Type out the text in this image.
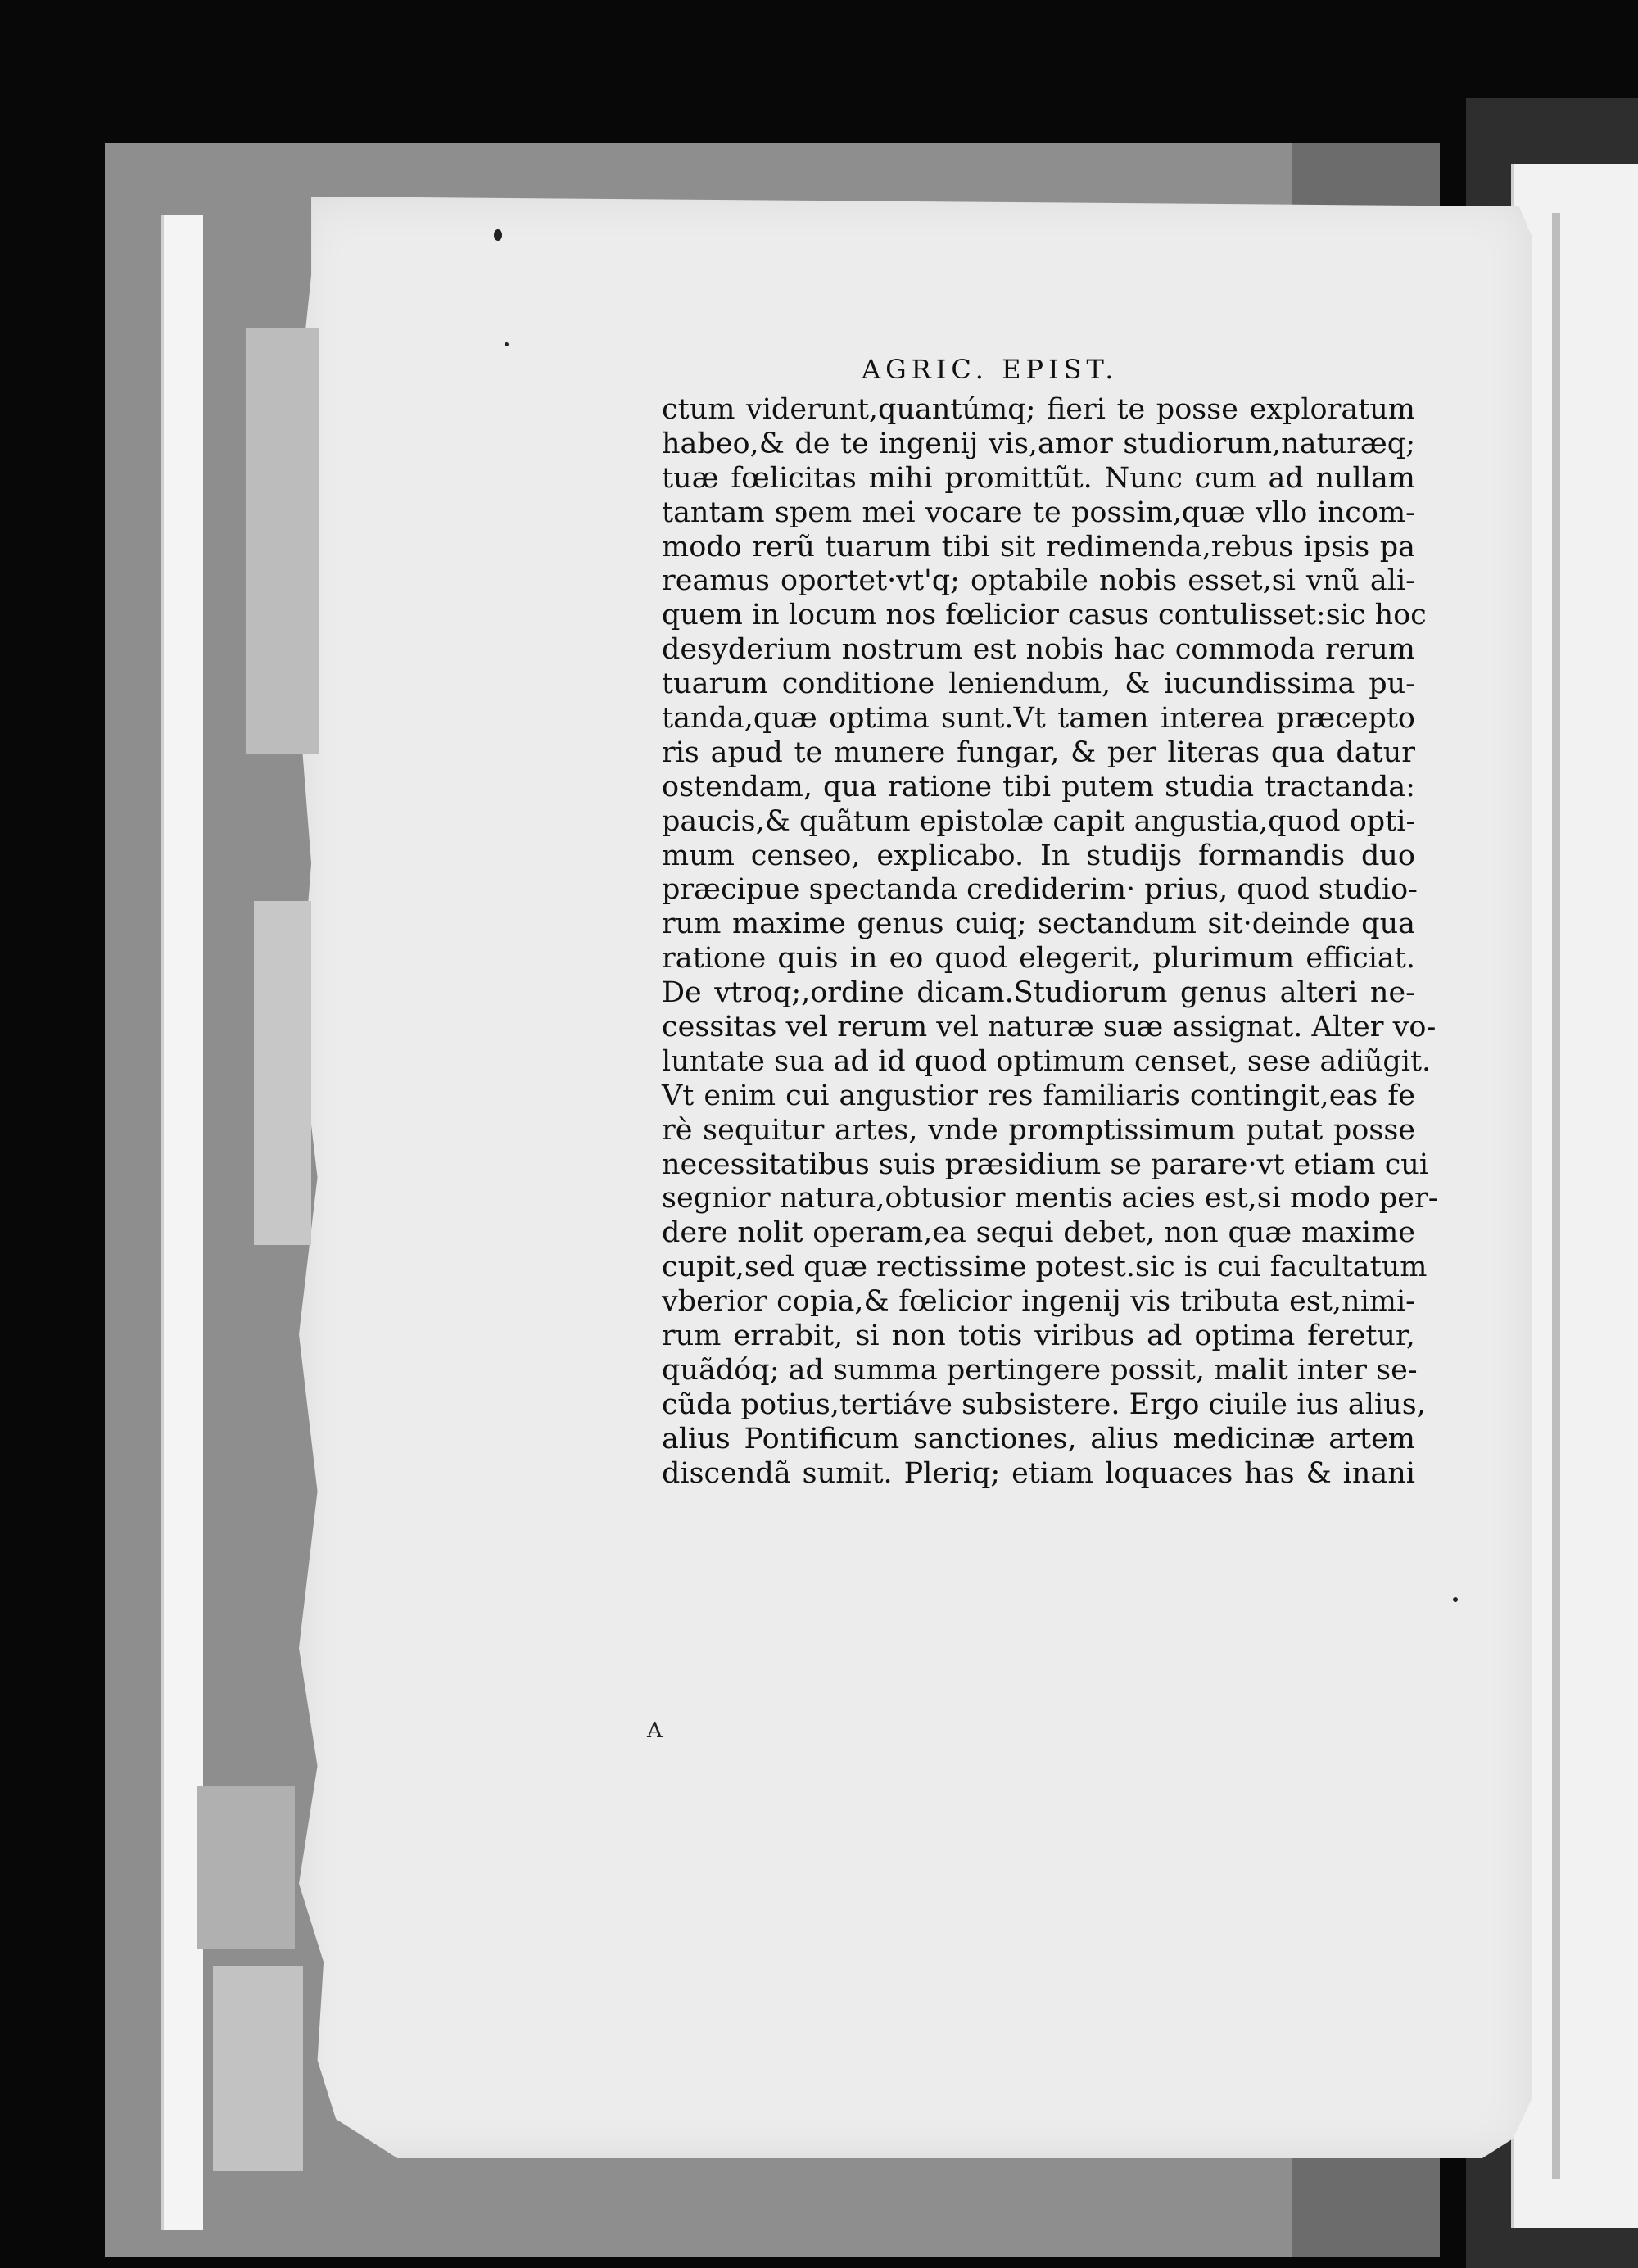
AGRIC. EPIST.
ctum viderunt,quantúmq; fieri te posse exploratum
habeo,& de te ingenij vis,amor studiorum,naturæq;
tuæ fœlicitas mihi promittũt. Nunc cum ad nullam
tantam spem mei vocare te possim,quæ vllo incom-
modo rerũ tuarum tibi sit redimenda,rebus ipsis pa
reamus oportet·vt'q; optabile nobis esset,si vnũ ali-
quem in locum nos fœlicior casus contulisset:sic hoc
desyderium nostrum est nobis hac commoda rerum
tuarum conditione leniendum, & iucundissima pu-
tanda,quæ optima sunt.Vt tamen interea præcepto
ris apud te munere fungar, & per literas qua datur
ostendam, qua ratione tibi putem studia tractanda:
paucis,& quãtum epistolæ capit angustia,quod opti-
mum censeo, explicabo. In studijs formandis duo
præcipue spectanda crediderim· prius, quod studio-
rum maxime genus cuiq; sectandum sit·deinde qua
ratione quis in eo quod elegerit, plurimum efficiat.
De vtroq;,ordine dicam.Studiorum genus alteri ne-
cessitas vel rerum vel naturæ suæ assignat. Alter vo-
luntate sua ad id quod optimum censet, sese adiũgit.
Vt enim cui angustior res familiaris contingit,eas fe
rè sequitur artes, vnde promptissimum putat posse
necessitatibus suis præsidium se parare·vt etiam cui
segnior natura,obtusior mentis acies est,si modo per-
dere nolit operam,ea sequi debet, non quæ maxime
cupit,sed quæ rectissime potest.sic is cui facultatum
vberior copia,& fœlicior ingenij vis tributa est,nimi-
rum errabit, si non totis viribus ad optima feretur,
quãdóq; ad summa pertingere possit, malit inter se-
cũda potius,tertiáve subsistere. Ergo ciuile ius alius,
alius Pontificum sanctiones, alius medicinæ artem
discendã sumit. Pleriq; etiam loquaces has & inani
A
